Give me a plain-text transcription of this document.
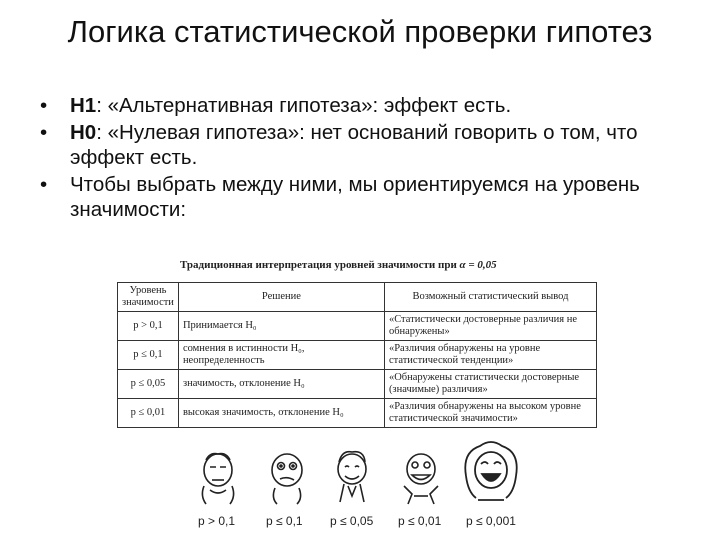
Логика статистической проверки гипотез
• H1: «Альтернативная гипотеза»: эффект есть.
• H0: «Нулевая гипотеза»: нет оснований говорить о том, что эффект есть.
• Чтобы выбрать между ними, мы ориентируемся на уровень значимости:
Традиционная интерпретация уровней значимости при α = 0,05
Уровень значимости	Решение	Возможный статистический вывод
p > 0,1	Принимается H₀	«Статистически достоверные различия не обнаружены»
p ≤ 0,1	сомнения в истинности H₀, неопределенность	«Различия обнаружены на уровне статистической тенденции»
p ≤ 0,05	значимость, отклонение H₀	«Обнаружены статистически достоверные (значимые) различия»
p ≤ 0,01	высокая значимость, отклонение H₀	«Различия обнаружены на высоком уровне статистической значимости»
p > 0,1	p ≤ 0,1 p ≤ 0,05 p ≤ 0,01 p ≤ 0,001
